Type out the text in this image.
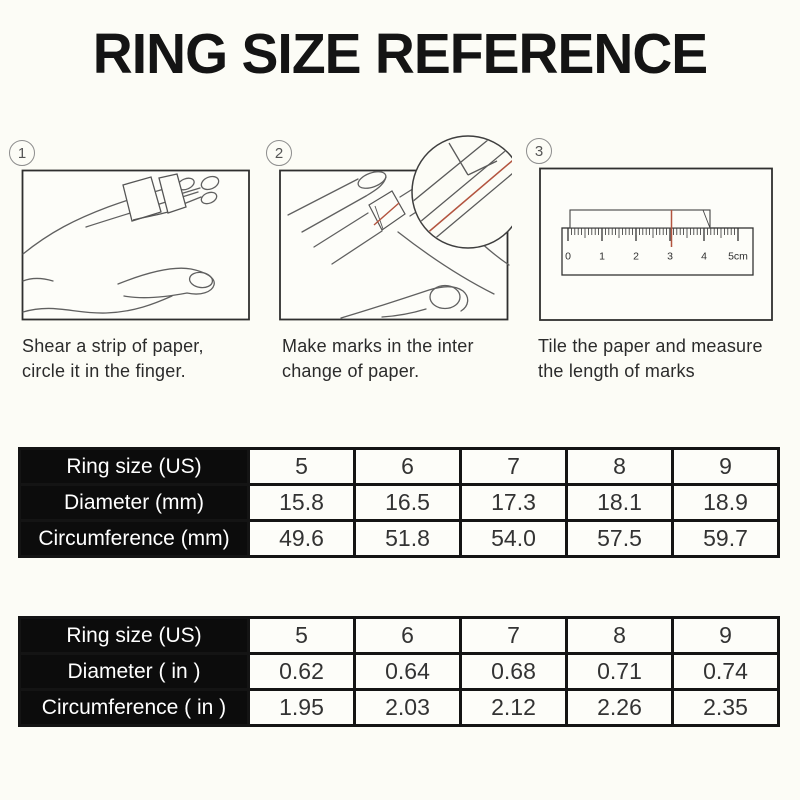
RING SIZE REFERENCE
1
Shear a strip of paper,
circle it in the finger.
2
Make marks in the inter
change of paper.
3
0	1	2	3	4 5cm
Tile the paper and measure
the length of marks
Ring size (US)	5	6	7	8	9
Diameter (mm)	15.8	16.5	17.3	18.1	18.9
Circumference (mm)	49.6	51.8	54.0	57.5	59.7
Ring size (US)	5	6	7	8	9
Diameter ( in )	0.62	0.64	0.68	0.71	0.74
Circumference ( in )	1.95	2.03	2.12	2.26	2.35
